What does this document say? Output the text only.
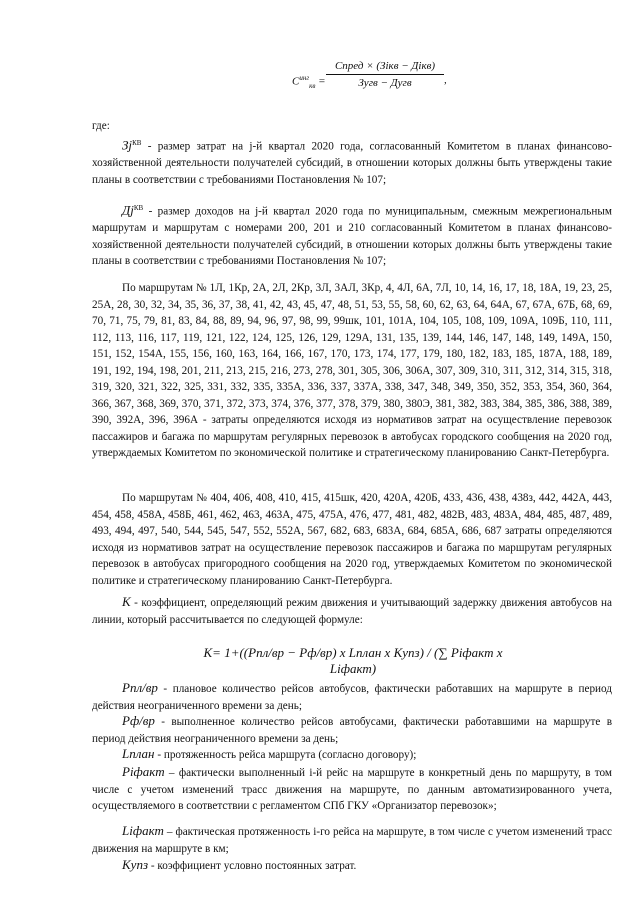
$C^{инг}_{кв}$ =
Cпред × (Зiкв − Дiкв)
Зугв − Дугв	,

где:

$Зj^{КВ}$ - размер затрат на j-й квартал 2020 года, согласованный Комитетом в планах финансово-хозяйственной деятельности получателей субсидий, в отношении которых должны быть утверждены такие планы в соответствии с требованиями Постановления № 107;

$Дj^{КВ}$ - размер доходов на j-й квартал 2020 года по муниципальным, смежным межрегиональным маршрутам и маршрутам с номерами 200, 201 и 210 согласованный Комитетом в планах финансово-хозяйственной деятельности получателей субсидий, в отношении которых должны быть утверждены такие планы в соответствии с требованиями Постановления № 107;

По маршрутам № 1Л, 1Кр, 2А, 2Л, 2Кр, 3Л, 3АЛ, 3Кр, 4, 4Л, 6А, 7Л, 10, 14, 16, 17, 18, 18А, 19, 23, 25, 25А, 28, 30, 32, 34, 35, 36, 37, 38, 41, 42, 43, 45, 47, 48, 51, 53, 55, 58, 60, 62, 63, 64, 64А, 67, 67А, 67Б, 68, 69, 70, 71, 75, 79, 81, 83, 84, 88, 89, 94, 96, 97, 98, 99, 99шк, 101, 101А, 104, 105, 108, 109, 109А, 109Б, 110, 111, 112, 113, 116, 117, 119, 121, 122, 124, 125, 126, 129, 129А, 131, 135, 139, 144, 146, 147, 148, 149, 149А, 150, 151, 152, 154А, 155, 156, 160, 163, 164, 166, 167, 170, 173, 174, 177, 179, 180, 182, 183, 185, 187А, 188, 189, 191, 192, 194, 198, 201, 211, 213, 215, 216, 273, 278, 301, 305, 306, 306А, 307, 309, 310, 311, 312, 314, 315, 318, 319, 320, 321, 322, 325, 331, 332, 335, 335А, 336, 337, 337А, 338, 347, 348, 349, 350, 352, 353, 354, 360, 364, 366, 367, 368, 369, 370, 371, 372, 373, 374, 376, 377, 378, 379, 380, 380Э, 381, 382, 383, 384, 385, 386, 388, 389, 390, 392А, 396, 396А - затраты определяются исходя из нормативов затрат на осуществление перевозок пассажиров и багажа по маршрутам регулярных перевозок в автобусах городского сообщения на 2020 год, утверждаемых Комитетом по экономической политике и стратегическому планированию Санкт-Петербурга.

По маршрутам № 404, 406, 408, 410, 415, 415шк, 420, 420А, 420Б, 433, 436, 438, 438з, 442, 442А, 443, 454, 458, 458А, 458Б, 461, 462, 463, 463А, 475, 475А, 476, 477, 481, 482, 482В, 483, 483А, 484, 485, 487, 489, 493, 494, 497, 540, 544, 545, 547, 552, 552А, 567, 682, 683, 683А, 684, 685А, 686, 687 затраты определяются исходя из нормативов затрат на осуществление перевозок пассажиров и багажа по маршрутам регулярных перевозок в автобусах пригородного сообщения на 2020 год, утверждаемых Комитетом по экономической политике и стратегическому планированию Санкт-Петербурга.

K - коэффициент, определяющий режим движения и учитывающий задержку движения автобусов на линии, который рассчитывается по следующей формуле:

K= 1+((Pпл/вр − Pф/вр) x Lплан x Kупз) / (∑ Piфакт x Liфакт)

Pпл/вр - плановое количество рейсов автобусов, фактически работавших на маршруте в период действия неограниченного времени за день;

Pф/вр - выполненное количество рейсов автобусами, фактически работавшими на маршруте в период действия неограниченного времени за день;

Lплан - протяженность рейса маршрута (согласно договору);

Piфакт – фактически выполненный i-й рейс на маршруте в конкретный день по маршруту, в том числе с учетом изменений трасс движения на маршруте, по данным автоматизированного учета, осуществляемого в соответствии с регламентом СПб ГКУ «Организатор перевозок»;

Liфакт – фактическая протяженность i-го рейса на маршруте, в том числе с учетом изменений трасс движения на маршруте в км;

Kупз - коэффициент условно постоянных затрат.
